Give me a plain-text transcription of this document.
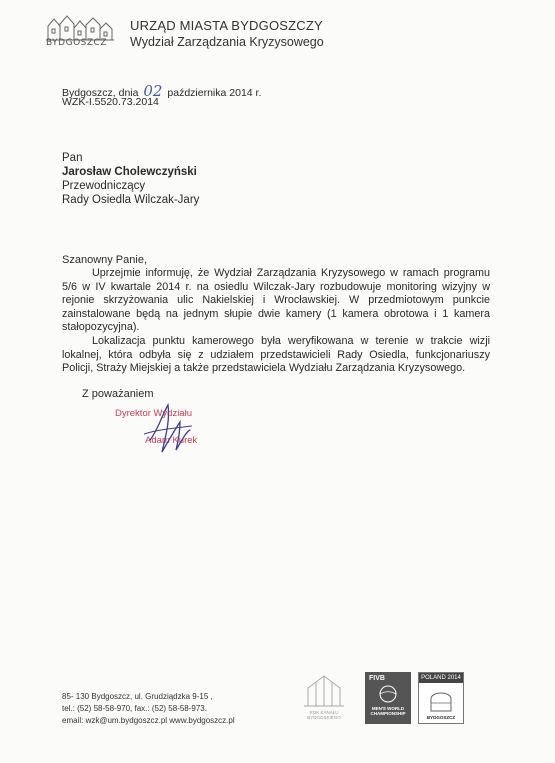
BYDGOSZCZ
URZĄD MIASTA BYDGOSZCZY
Wydział Zarządzania Kryzysowego
Bydgoszcz, dnia 02 października 2014 r.
WZK-I.5520.73.2014
Pan
Jarosław Cholewczyński
Przewodniczący
Rady Osiedla Wilczak-Jary
Szanowny Panie,

Uprzejmie informuję, że Wydział Zarządzania Kryzysowego w ramach programu 5/6 w IV kwartale 2014 r. na osiedlu Wilczak-Jary rozbudowuje monitoring wizyjny w rejonie skrzyżowania ulic Nakielskiej i Wrocławskiej. W przedmiotowym punkcie zainstalowane będą na jednym słupie dwie kamery (1 kamera obrotowa i 1 kamera stałopozycyjna).

Lokalizacja punktu kamerowego była weryfikowana w terenie w trakcie wizji lokalnej, która odbyła się z udziałem przedstawicieli Rady Osiedla, funkcjonariuszy Policji, Straży Miejskiej a także przedstawiciela Wydziału Zarządzania Kryzysowego.

Z poważaniem
Dyrektor Wydziału
Adam Kurek
85- 130 Bydgoszcz, ul. Grudziądzka 9-15 ,
tel.: (52) 58-58-970, fax.: (52) 58-58-973.
email: wzk@um.bydgoszcz.pl www.bydgoszcz.pl
ROK KANAŁU BYDGOSKIEGO
FIVB
MEN'S WORLD CHAMPIONSHIP
POLAND 2014
BYDGOSZCZ
